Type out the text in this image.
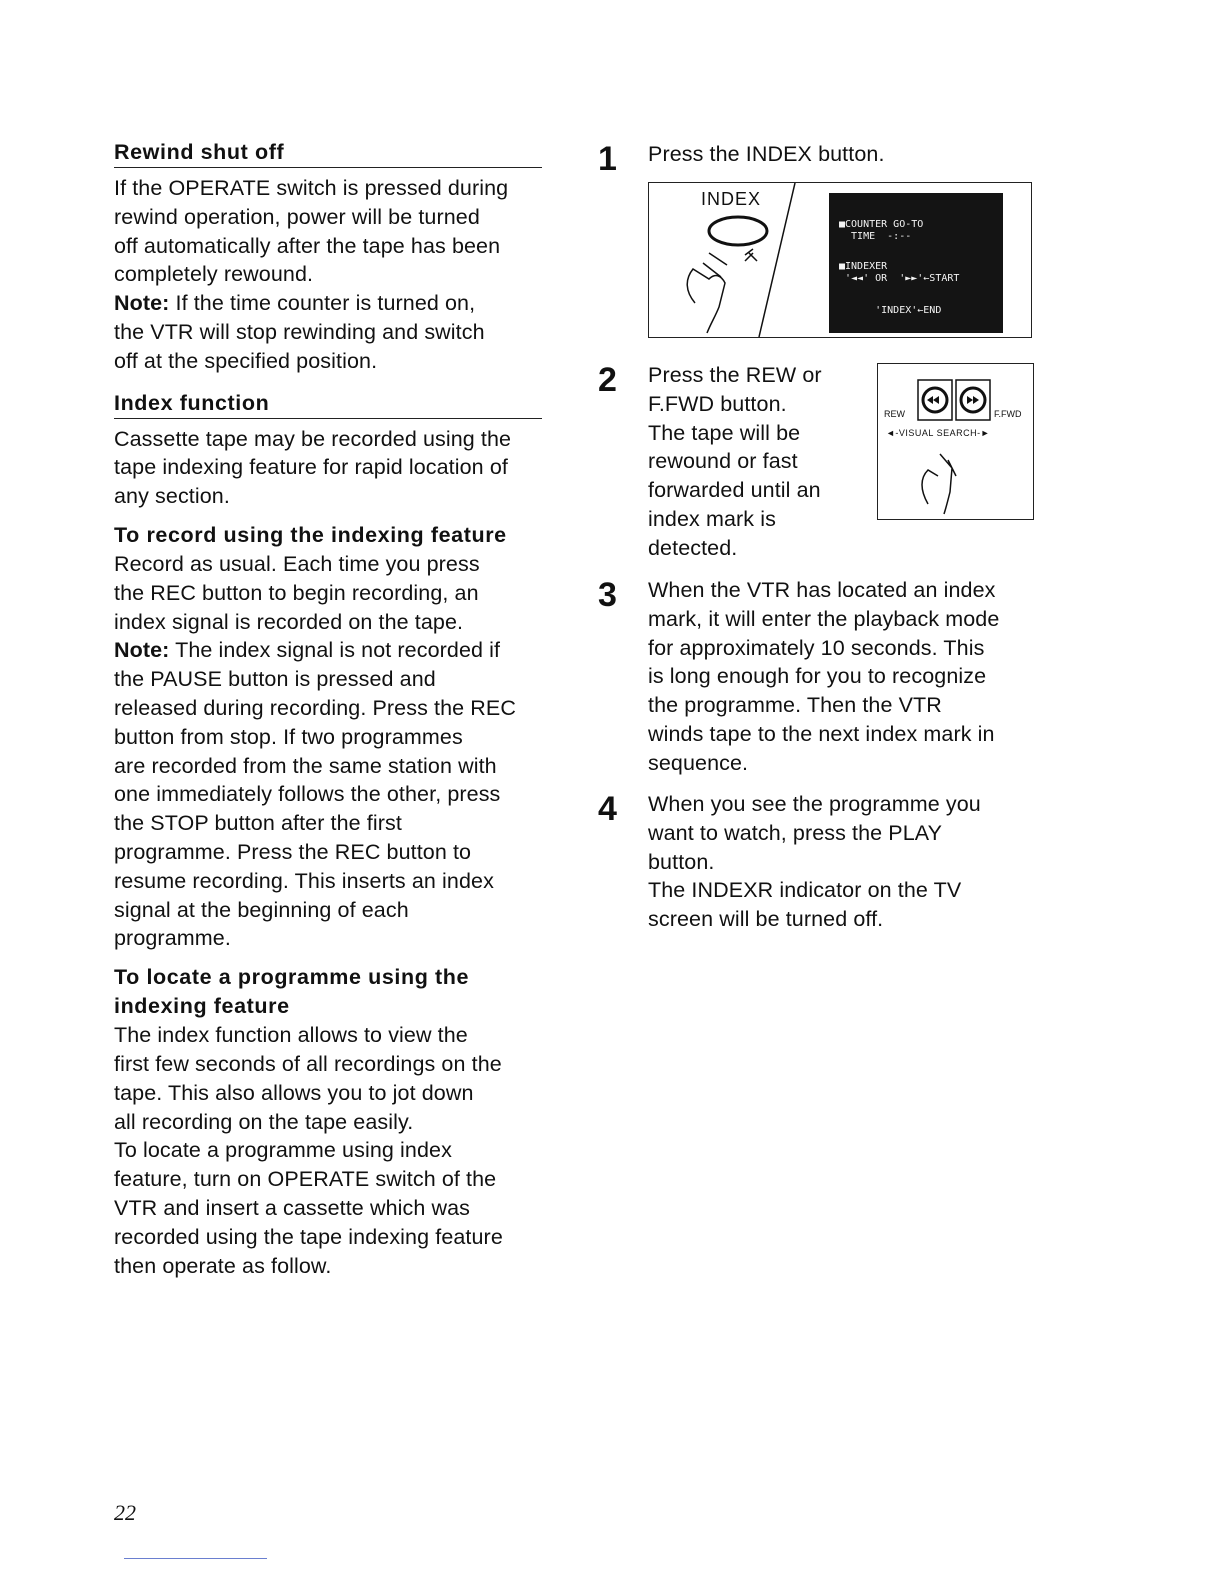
Rewind shut off
If the OPERATE switch is pressed during
rewind operation, power will be turned
off automatically after the tape has been
completely rewound.
Note: If the time counter is turned on,
the VTR will stop rewinding and switch
off at the specified position.
Index function
Cassette tape may be recorded using the
tape indexing feature for rapid location of
any section.
To record using the indexing feature
Record as usual. Each time you press
the REC button to begin recording, an
index signal is recorded on the tape.
Note: The index signal is not recorded if
the PAUSE button is pressed and
released during recording. Press the REC
button from stop. If two programmes
are recorded from the same station with
one immediately follows the other, press
the STOP button after the first
programme. Press the REC button to
resume recording. This inserts an index
signal at the beginning of each
programme.
To locate a programme using the
indexing feature
The index function allows to view the
first few seconds of all recordings on the
tape. This also allows you to jot down
all recording on the tape easily.
To locate a programme using index
feature, turn on OPERATE switch of the
VTR and insert a cassette which was
recorded using the tape indexing feature
then operate as follow.
1 Press the INDEX button.
INDEX
■COUNTER GO-TO
TIME  -:--
■INDEXER
'◄◄' OR  '►►'←START
'INDEX'←END
2 Press the REW or
F.FWD button.
The tape will be
rewound or fast
forwarded until an
index mark is
detected.
REW	F.FWD
◄-VISUAL SEARCH-►
3 When the VTR has located an index
mark, it will enter the playback mode
for approximately 10 seconds. This
is long enough for you to recognize
the programme. Then the VTR
winds tape to the next index mark in
sequence.
4 When you see the programme you
want to watch, press the PLAY
button.
The INDEXR indicator on the TV
screen will be turned off.
22
